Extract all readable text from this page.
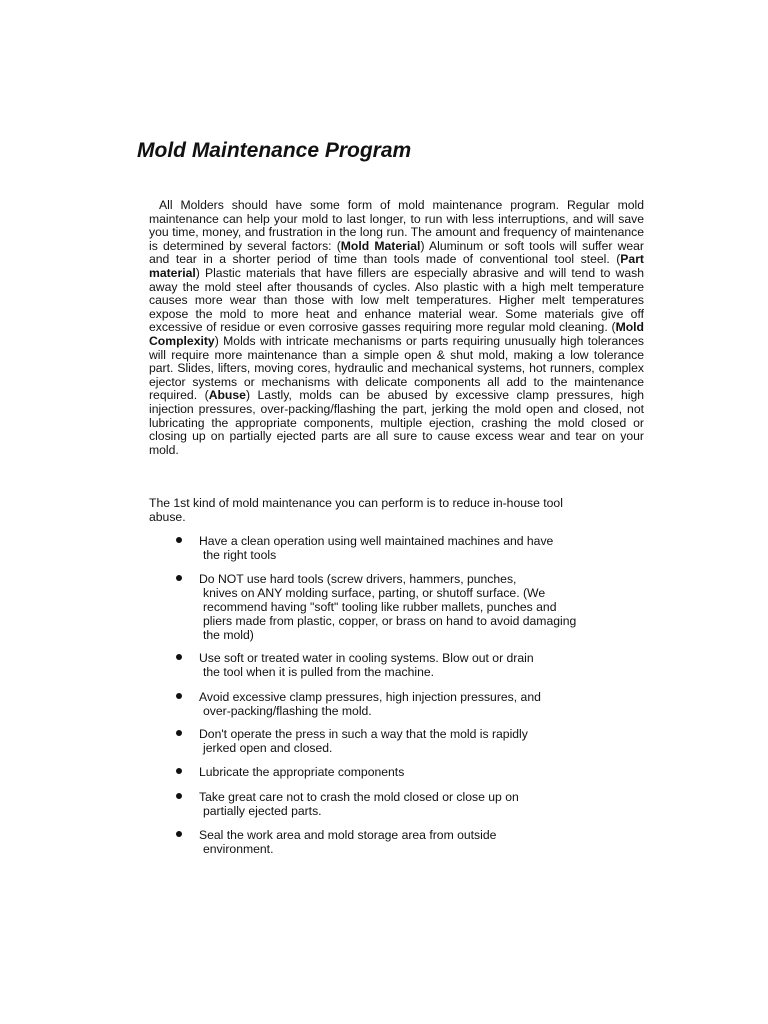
Mold Maintenance Program

All Molders should have some form of mold maintenance program. Regular mold maintenance can help your mold to last longer, to run with less interruptions, and will save you time, money, and frustration in the long run. The amount and frequency of maintenance is determined by several factors: (Mold Material) Aluminum or soft tools will suffer wear and tear in a shorter period of time than tools made of conventional tool steel. (Part material) Plastic materials that have fillers are especially abrasive and will tend to wash away the mold steel after thousands of cycles. Also plastic with a high melt temperature causes more wear than those with low melt temperatures. Higher melt temperatures expose the mold to more heat and enhance material wear. Some materials give off excessive of residue or even corrosive gasses requiring more regular mold cleaning. (Mold Complexity) Molds with intricate mechanisms or parts requiring unusually high tolerances will require more maintenance than a simple open & shut mold, making a low tolerance part. Slides, lifters, moving cores, hydraulic and mechanical systems, hot runners, complex ejector systems or mechanisms with delicate components all add to the maintenance required. (Abuse) Lastly, molds can be abused by excessive clamp pressures, high injection pressures, over-packing/flashing the part, jerking the mold open and closed, not lubricating the appropriate components, multiple ejection, crashing the mold closed or closing up on partially ejected parts are all sure to cause excess wear and tear on your mold.

The 1st kind of mold maintenance you can perform is to reduce in-house tool abuse.

Have a clean operation using well maintained machines and have
the right tools
Do NOT use hard tools (screw drivers, hammers, punches,
knives on ANY molding surface, parting, or shutoff surface. (We recommend having "soft" tooling like rubber mallets, punches and pliers made from plastic, copper, or brass on hand to avoid damaging the mold)
Use soft or treated water in cooling systems. Blow out or drain
the tool when it is pulled from the machine.
Avoid excessive clamp pressures, high injection pressures, and
over-packing/flashing the mold.
Don't operate the press in such a way that the mold is rapidly
jerked open and closed.
Lubricate the appropriate components
Take great care not to crash the mold closed or close up on
partially ejected parts.
Seal the work area and mold storage area from outside
environment.
